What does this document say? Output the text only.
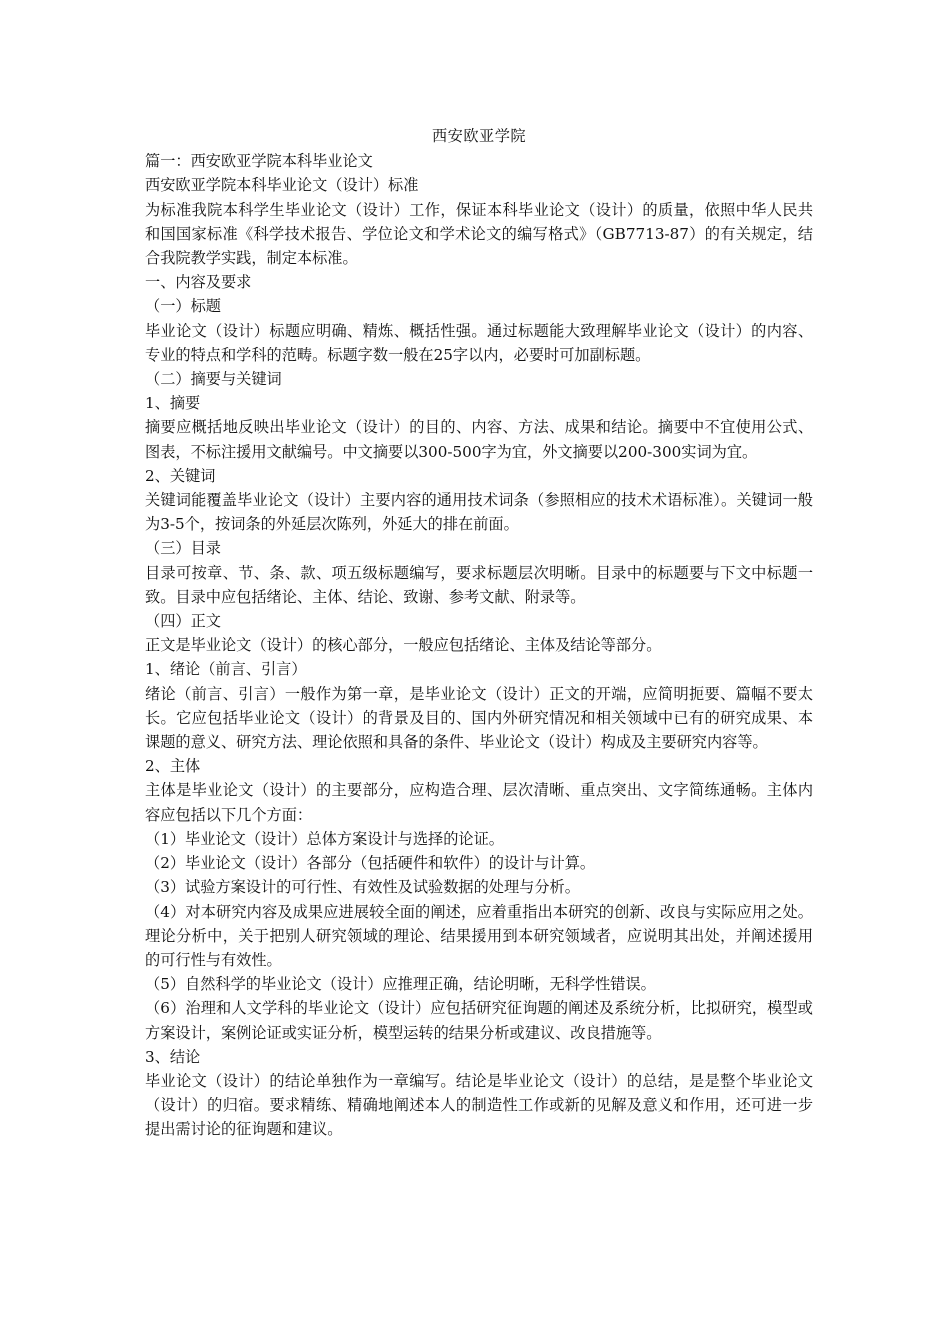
西安欧亚学院

篇一：西安欧亚学院本科毕业论文

西安欧亚学院本科毕业论文（设计）标准

为标准我院本科学生毕业论文（设计）工作，保证本科毕业论文（设计）的质量，依照中华人民共和国国家标准《科学技术报告、学位论文和学术论文的编写格式》（GB7713-87）的有关规定，结合我院教学实践，制定本标准。

一、内容及要求

（一）标题

毕业论文（设计）标题应明确、精炼、概括性强。通过标题能大致理解毕业论文（设计）的内容、专业的特点和学科的范畴。标题字数一般在25字以内，必要时可加副标题。

（二）摘要与关键词

1、摘要

摘要应概括地反映出毕业论文（设计）的目的、内容、方法、成果和结论。摘要中不宜使用公式、图表，不标注援用文献编号。中文摘要以300-500字为宜，外文摘要以200-300实词为宜。

2、关键词

关键词能覆盖毕业论文（设计）主要内容的通用技术词条（参照相应的技术术语标准）。关键词一般为3-5个，按词条的外延层次陈列，外延大的排在前面。

（三）目录

目录可按章、节、条、款、项五级标题编写，要求标题层次明晰。目录中的标题要与下文中标题一致。目录中应包括绪论、主体、结论、致谢、参考文献、附录等。

（四）正文

正文是毕业论文（设计）的核心部分，一般应包括绪论、主体及结论等部分。

1、绪论（前言、引言）

绪论（前言、引言）一般作为第一章，是毕业论文（设计）正文的开端，应简明扼要、篇幅不要太长。它应包括毕业论文（设计）的背景及目的、国内外研究情况和相关领域中已有的研究成果、本课题的意义、研究方法、理论依照和具备的条件、毕业论文（设计）构成及主要研究内容等。

2、主体

主体是毕业论文（设计）的主要部分，应构造合理、层次清晰、重点突出、文字简练通畅。主体内容应包括以下几个方面：

（1）毕业论文（设计）总体方案设计与选择的论证。

（2）毕业论文（设计）各部分（包括硬件和软件）的设计与计算。

（3）试验方案设计的可行性、有效性及试验数据的处理与分析。

（4）对本研究内容及成果应进展较全面的阐述，应着重指出本研究的创新、改良与实际应用之处。理论分析中，关于把别人研究领域的理论、结果援用到本研究领域者，应说明其出处，并阐述援用的可行性与有效性。

（5）自然科学的毕业论文（设计）应推理正确，结论明晰，无科学性错误。

（6）治理和人文学科的毕业论文（设计）应包括研究征询题的阐述及系统分析，比拟研究，模型或方案设计，案例论证或实证分析，模型运转的结果分析或建议、改良措施等。

3、结论

毕业论文（设计）的结论单独作为一章编写。结论是毕业论文（设计）的总结，是是整个毕业论文（设计）的归宿。要求精练、精确地阐述本人的制造性工作或新的见解及意义和作用，还可进一步提出需讨论的征询题和建议。
